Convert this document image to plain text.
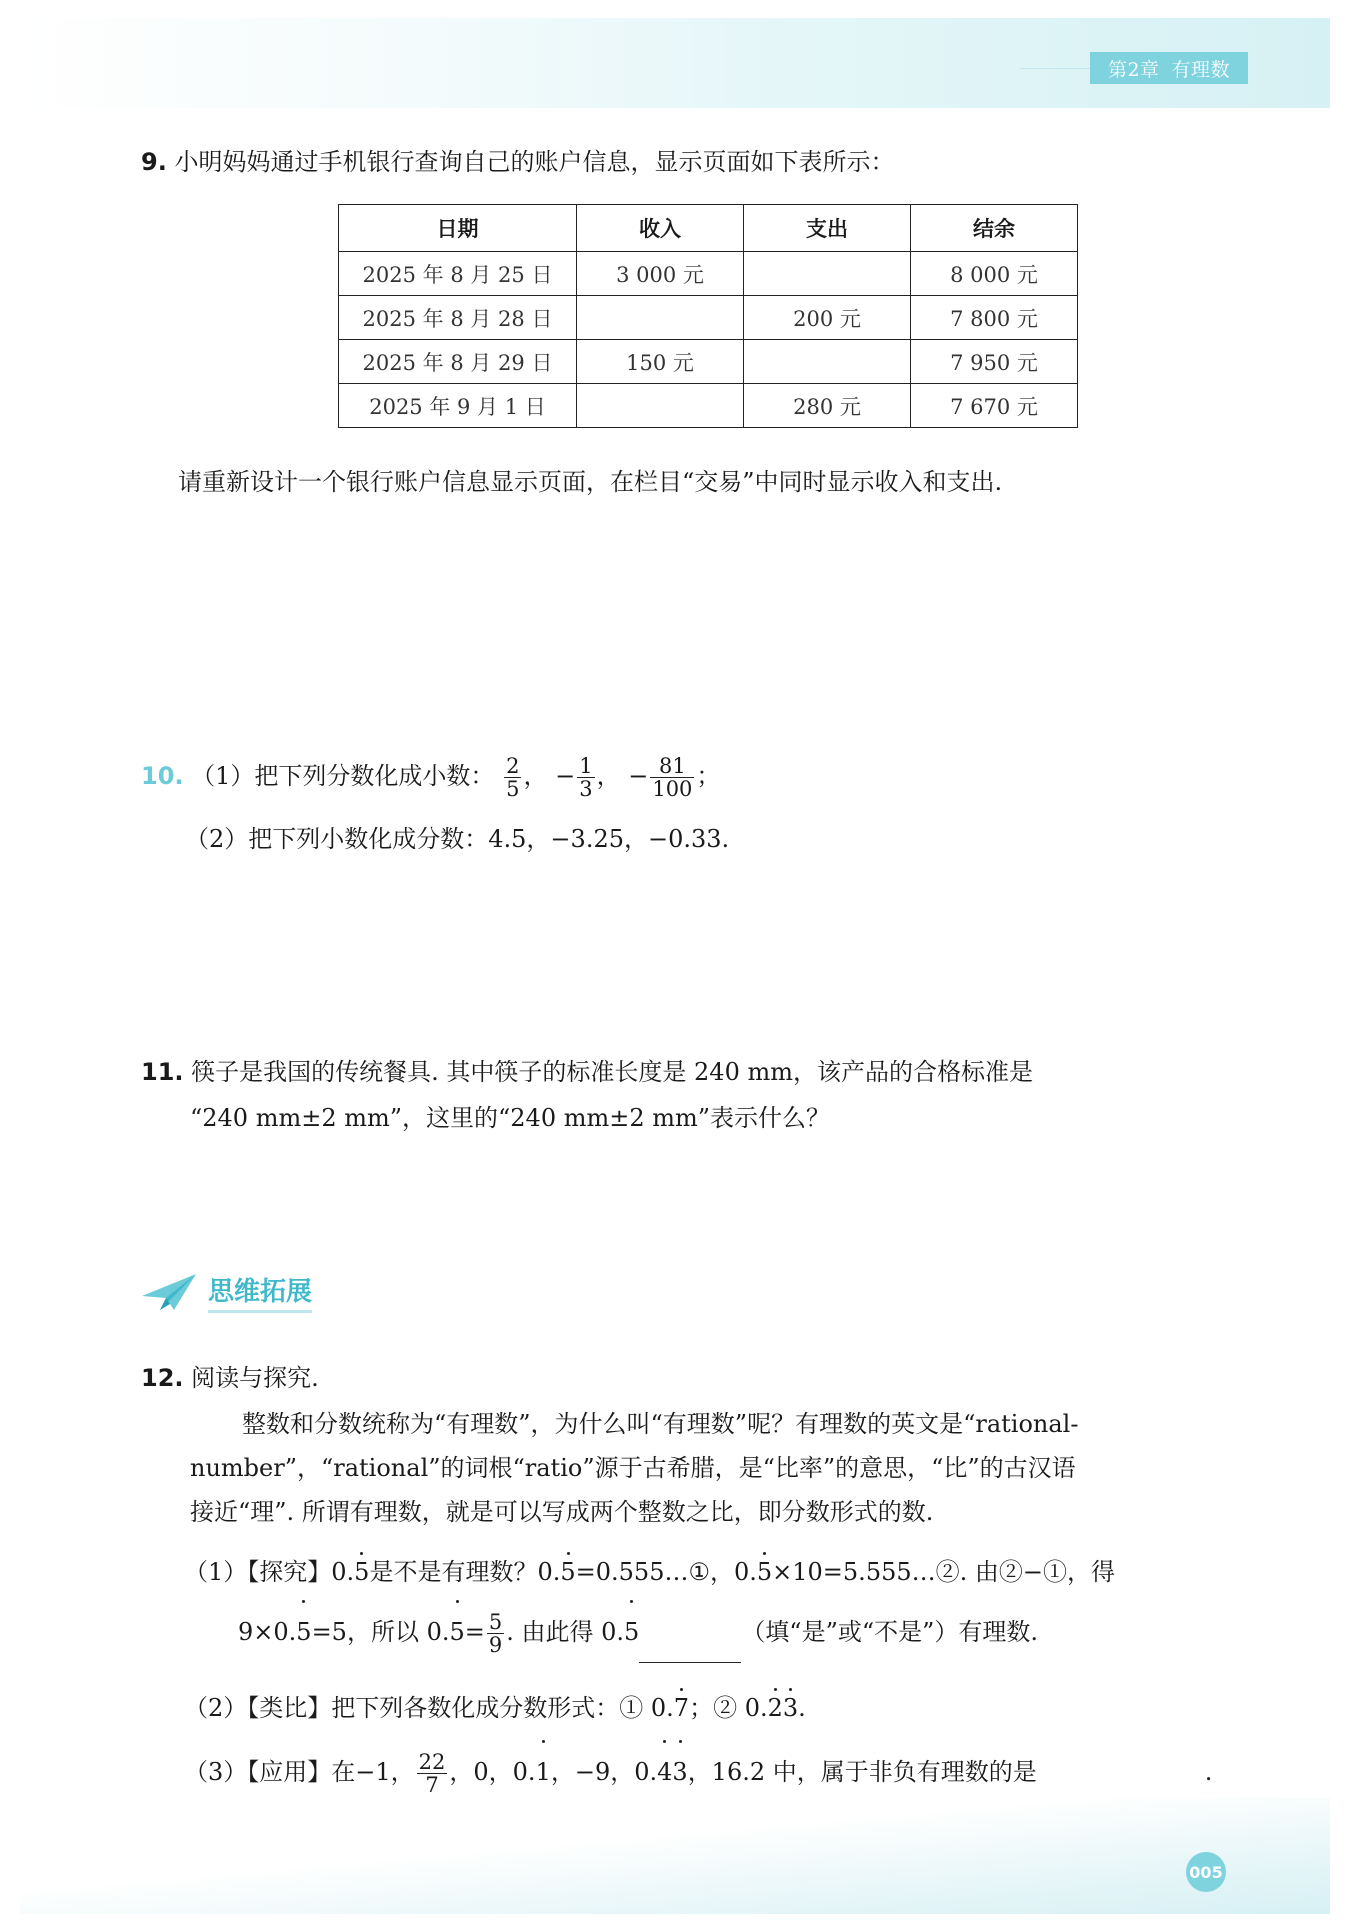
第2章 有理数
9. 小明妈妈通过手机银行查询自己的账户信息，显示页面如下表所示：
日期	收入	支出	结余
2025 年 8 月 25 日	3 000 元		8 000 元
2025 年 8 月 28 日		200 元	7 800 元
2025 年 8 月 29 日	150 元		7 950 元
2025 年 9 月 1 日		280 元	7 670 元
请重新设计一个银行账户信息显示页面，在栏目“交易”中同时显示收入和支出.
10. （1）把下列分数化成小数： $\frac{2}{5}$ ， − $\frac{1}{3}$ ， − $\frac{81}{100}$ ；
（2）把下列小数化成分数：4.5，−3.25，−0.33.
11. 筷子是我国的传统餐具. 其中筷子的标准长度是 240 mm，该产品的合格标准是
“240 mm±2 mm”，这里的“240 mm±2 mm”表示什么？
思维拓展
12. 阅读与探究.
整数和分数统称为“有理数”，为什么叫“有理数”呢？有理数的英文是“rational-
number”，“rational”的词根“ratio”源于古希腊，是“比率”的意思，“比”的古汉语
接近“理”. 所谓有理数，就是可以写成两个整数之比，即分数形式的数.
（1）【探究】0.5是不是有理数？0.5=0.555…①，0.5×10=5.555…②. 由②−①，得
9×0.5=5，所以 $0.5= \frac{5}{9}$ . 由此得 0.5	（填“是”或“不是”）有理数.
（2）【类比】把下列各数化成分数形式：① 0.7；② 0.23.
（3）【应用】在−1， $\frac{22}{7}$ ，0，0.1，−9，0.43，16.2 中，属于非负有理数的是	.
005
